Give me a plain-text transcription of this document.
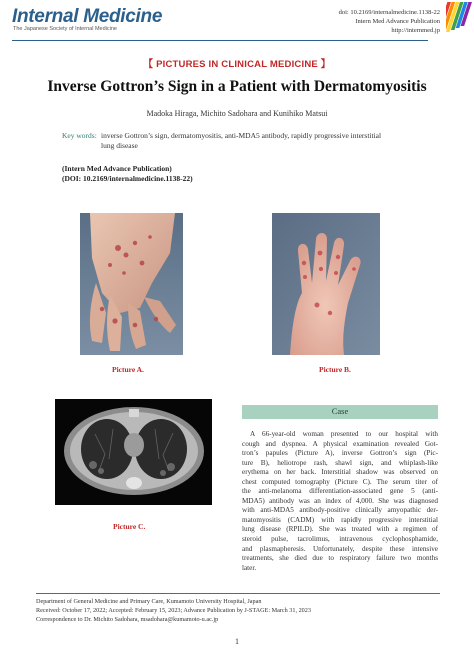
Internal Medicine
The Japanese Society of Internal Medicine
doi: 10.2169/internalmedicine.1138-22
Intern Med Advance Publication
http://internmed.jp
【 PICTURES IN CLINICAL MEDICINE 】
Inverse Gottron’s Sign in a Patient with Dermatomyositis
Madoka Hiraga, Michito Sadohara and Kunihiko Matsui
Key words: inverse Gottron’s sign, dermatomyositis, anti-MDA5 antibody, rapidly progressive interstitial
lung disease
(Intern Med Advance Publication)
(DOI: 10.2169/internalmedicine.1138-22)
Picture A.	Picture B.
Picture C.
Case
A 66-year-old woman presented to our hospital with
cough and dyspnea. A physical examination revealed Got-
tron’s papules (Picture A), inverse Gottron’s sign (Pic-
ture B), heliotrope rash, shawl sign, and whiplash-like
erythema on her back. Interstitial shadow was observed on
chest computed tomography (Picture C). The serum titer of
the anti-melanoma differentiation-associated gene 5 (anti-
MDA5) antibody was an index of 4,000. She was diagnosed
with anti-MDA5 antibody-positive clinically amyopathic der-
matomyositis (CADM) with rapidly progressive interstitial
lung disease (RPILD). She was treated with a regimen of
steroid pulse, tacrolimus, intravenous cyclophosphamide,
and plasmapheresis. Unfortunately, despite these intensive
treatments, she died due to respiratory failure two months
later.
Department of General Medicine and Primary Care, Kumamoto University Hospital, Japan
Received: October 17, 2022; Accepted: February 15, 2023; Advance Publication by J-STAGE: March 31, 2023
Correspondence to Dr. Michito Sadohara, msadohara@kumamoto-u.ac.jp
1
